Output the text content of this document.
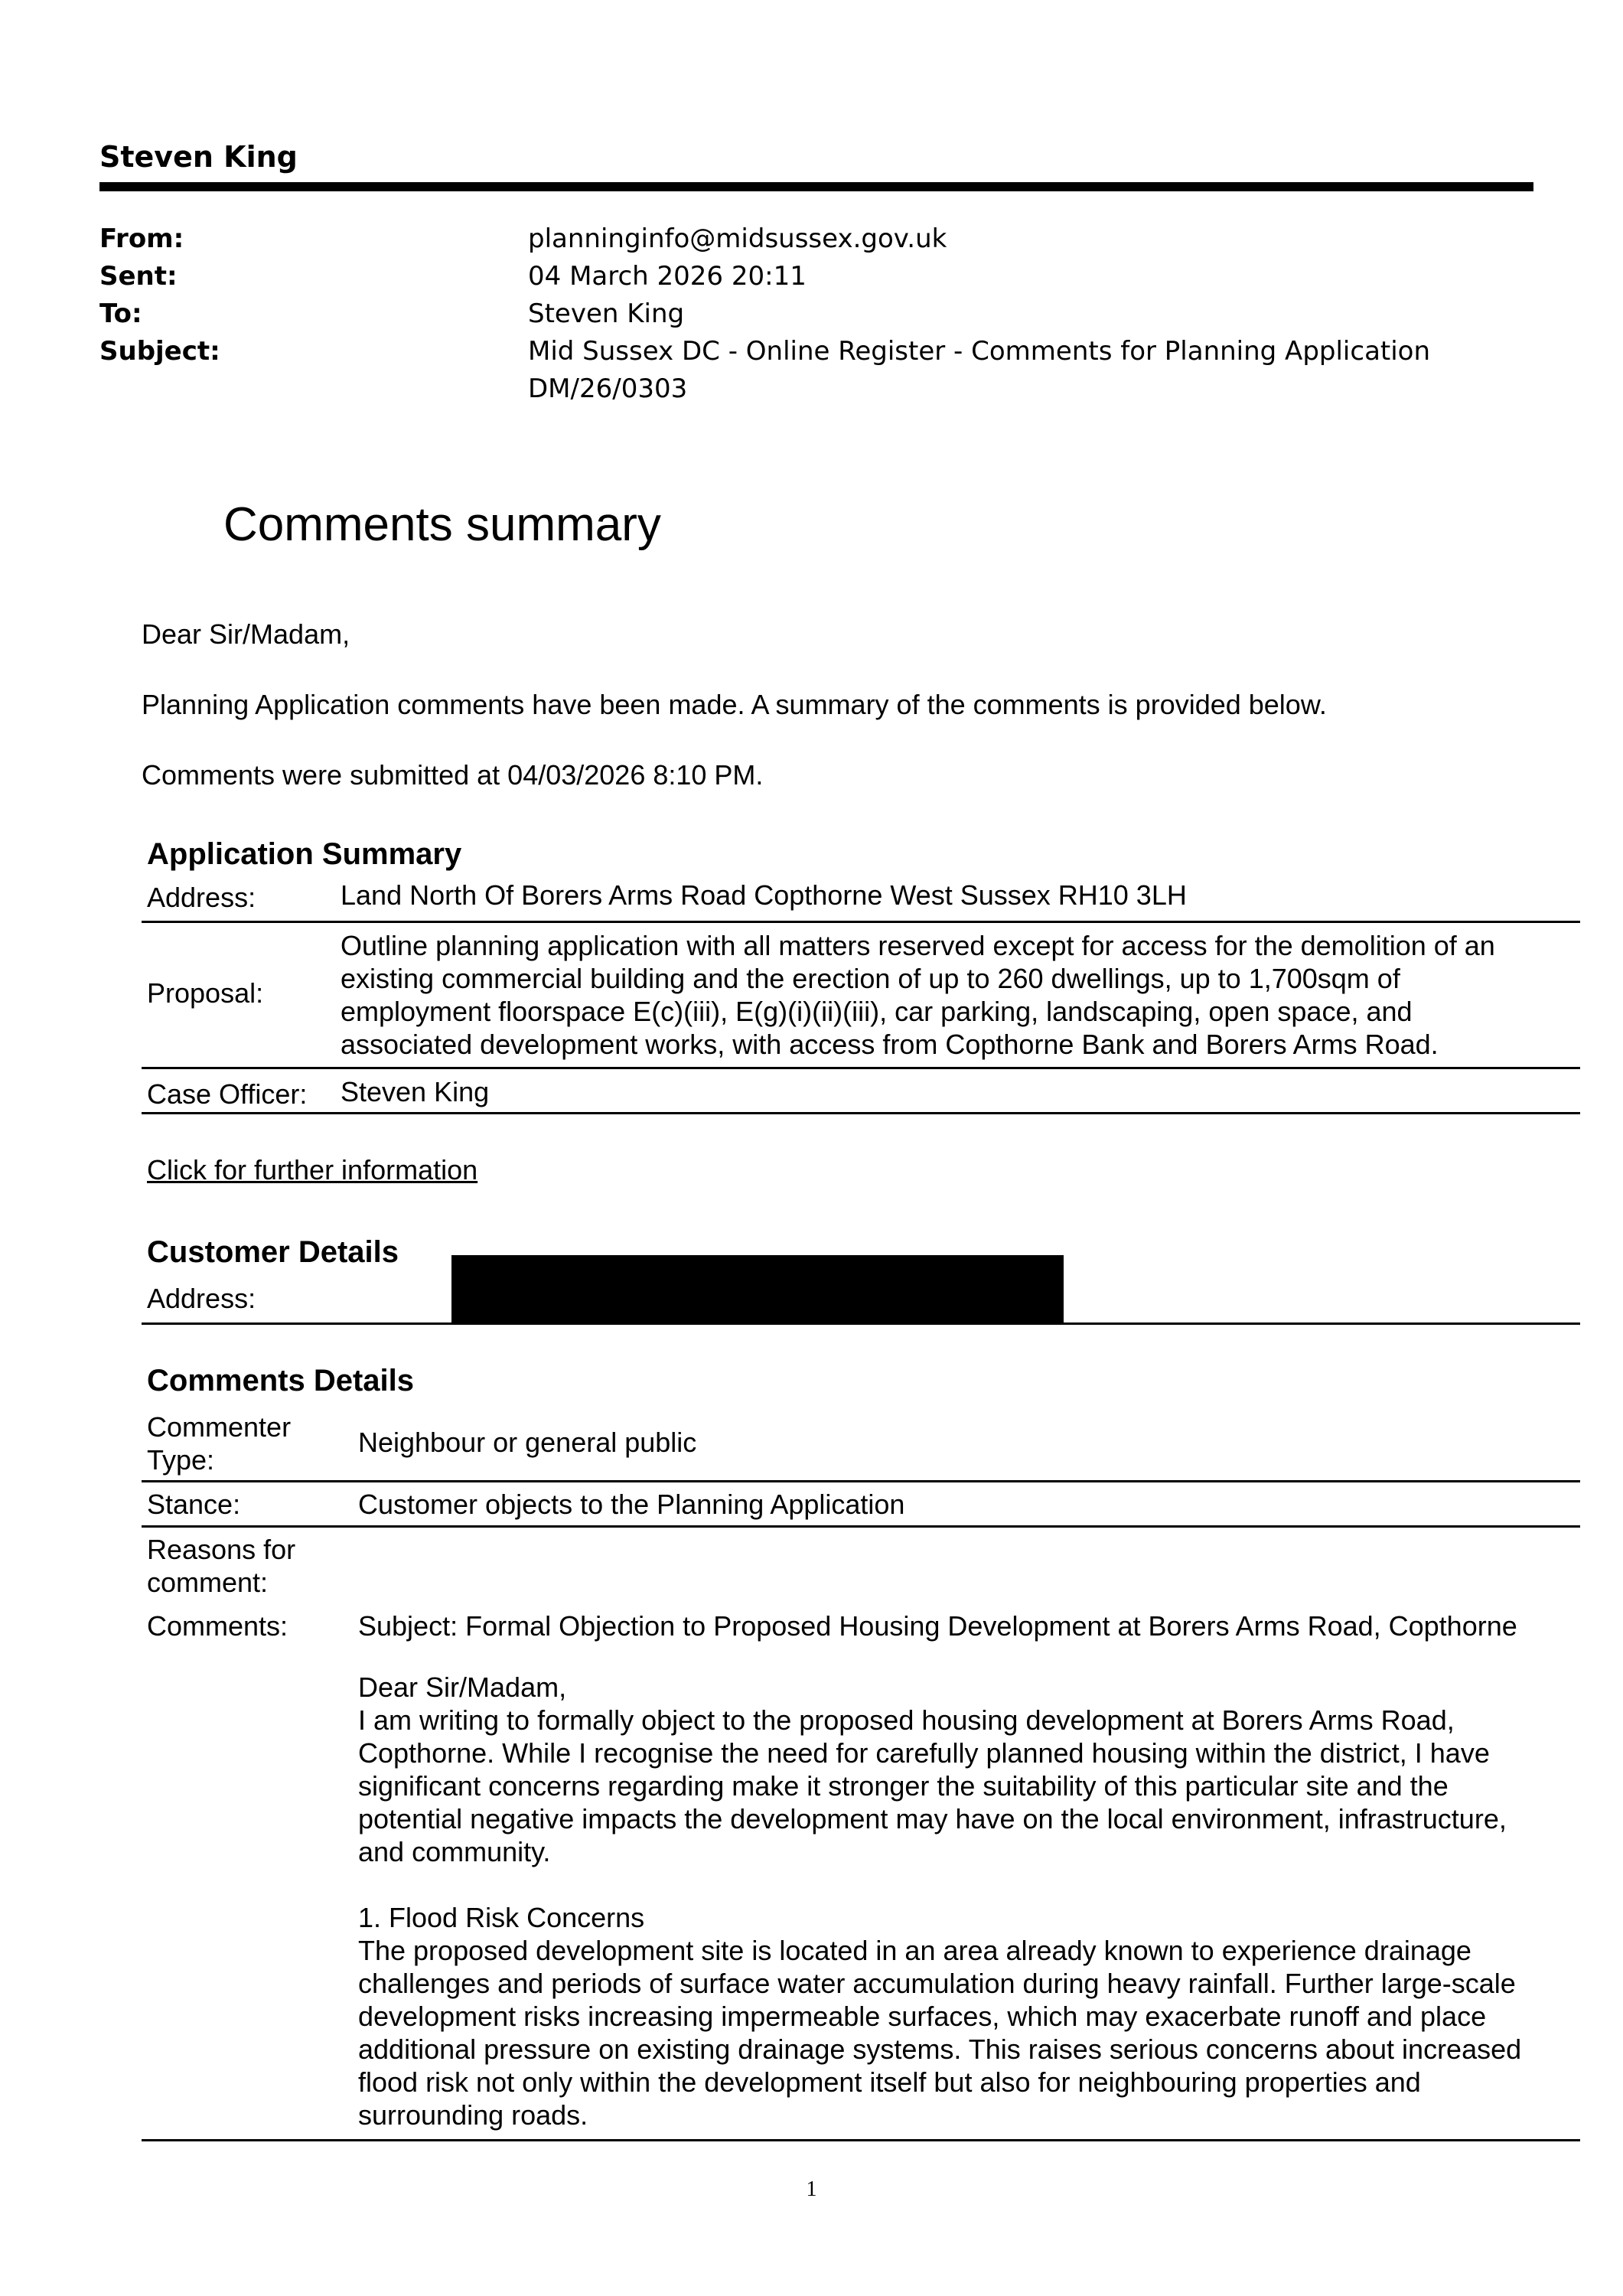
Steven King
From:	planninginfo@midsussex.gov.uk
Sent:	04 March 2026 20:11
To:	Steven King
Subject:	Mid Sussex DC - Online Register - Comments for Planning Application
DM/26/0303
Comments summary
Dear Sir/Madam,
Planning Application comments have been made. A summary of the comments is provided below.
Comments were submitted at 04/03/2026 8:10 PM.
Application Summary
Address:	Land North Of Borers Arms Road Copthorne West Sussex RH10 3LH
Proposal:
Outline planning application with all matters reserved except for access for the demolition of an
existing commercial building and the erection of up to 260 dwellings, up to 1,700sqm of
employment floorspace E(c)(iii), E(g)(i)(ii)(iii), car parking, landscaping, open space, and
associated development works, with access from Copthorne Bank and Borers Arms Road.
Case Officer: Steven King
Click for further information
Customer Details
Address:
Comments Details
Commenter
Type:
Neighbour or general public
Stance:	Customer objects to the Planning Application
Reasons for
comment:
Comments:	Subject: Formal Objection to Proposed Housing Development at Borers Arms Road, Copthorne
Dear Sir/Madam,
I am writing to formally object to the proposed housing development at Borers Arms Road,
Copthorne. While I recognise the need for carefully planned housing within the district, I have
significant concerns regarding make it stronger the suitability of this particular site and the
potential negative impacts the development may have on the local environment, infrastructure,
and community.
1. Flood Risk Concerns
The proposed development site is located in an area already known to experience drainage
challenges and periods of surface water accumulation during heavy rainfall. Further large-scale
development risks increasing impermeable surfaces, which may exacerbate runoff and place
additional pressure on existing drainage systems. This raises serious concerns about increased
flood risk not only within the development itself but also for neighbouring properties and
surrounding roads.
1
